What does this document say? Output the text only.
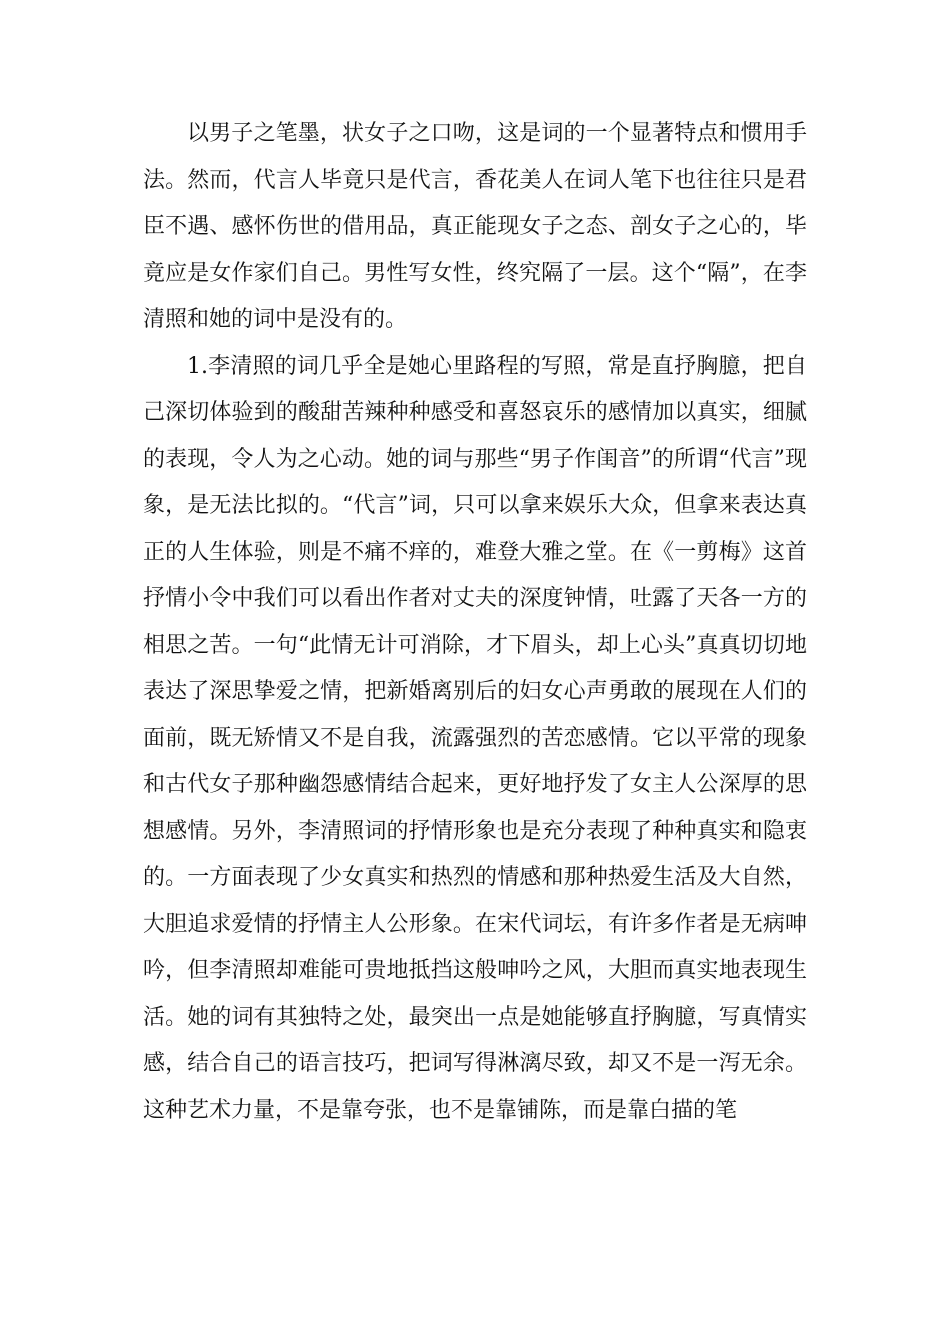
以男子之笔墨，状女子之口吻，这是词的一个显著特点和惯用手法。然而，代言人毕竟只是代言，香花美人在词人笔下也往往只是君臣不遇、感怀伤世的借用品，真正能现女子之态、剖女子之心的，毕竟应是女作家们自己。男性写女性，终究隔了一层。这个“隔”，在李清照和她的词中是没有的。

1.李清照的词几乎全是她心里路程的写照，常是直抒胸臆，把自己深切体验到的酸甜苦辣种种感受和喜怒哀乐的感情加以真实，细腻的表现，令人为之心动。她的词与那些“男子作闺音”的所谓“代言”现象，是无法比拟的。“代言”词，只可以拿来娱乐大众，但拿来表达真正的人生体验，则是不痛不痒的，难登大雅之堂。在《一剪梅》这首抒情小令中我们可以看出作者对丈夫的深度钟情，吐露了天各一方的相思之苦。一句“此情无计可消除，才下眉头，却上心头”真真切切地表达了深思挚爱之情，把新婚离别后的妇女心声勇敢的展现在人们的面前，既无矫情又不是自我，流露强烈的苦恋感情。它以平常的现象和古代女子那种幽怨感情结合起来，更好地抒发了女主人公深厚的思想感情。另外，李清照词的抒情形象也是充分表现了种种真实和隐衷的。一方面表现了少女真实和热烈的情感和那种热爱生活及大自然，大胆追求爱情的抒情主人公形象。在宋代词坛，有许多作者是无病呻吟，但李清照却难能可贵地抵挡这般呻吟之风，大胆而真实地表现生活。她的词有其独特之处，最突出一点是她能够直抒胸臆，写真情实感，结合自己的语言技巧，把词写得淋漓尽致，却又不是一泻无余。这种艺术力量，不是靠夸张，也不是靠铺陈，而是靠白描的笔
